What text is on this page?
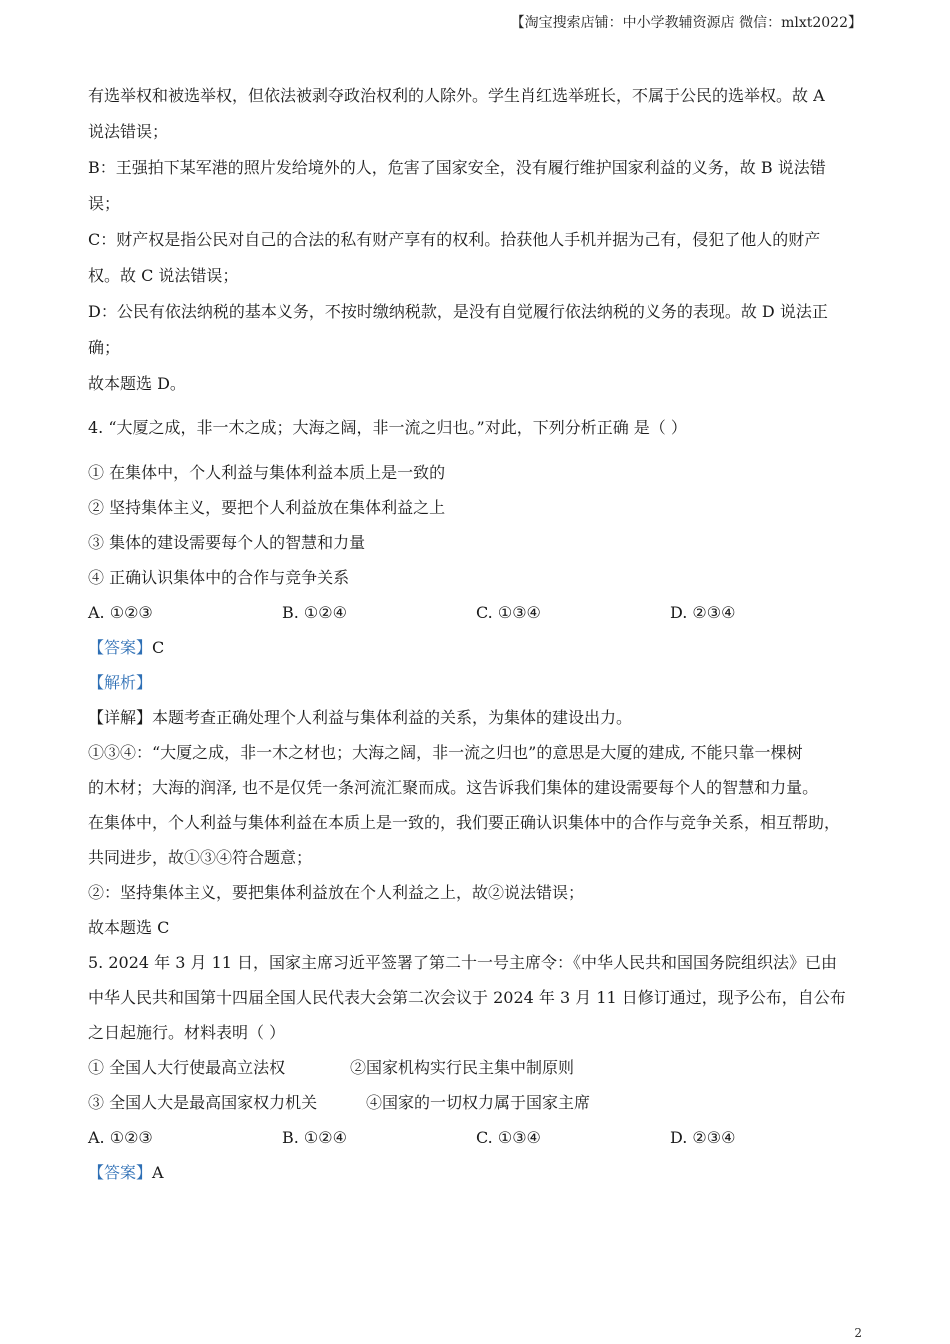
【淘宝搜索店铺：中小学教辅资源店 微信：mlxt2022】
有选举权和被选举权，但依法被剥夺政治权利的人除外。学生肖红选举班长，不属于公民的选举权。故 A
说法错误；
B：王强拍下某军港的照片发给境外的人，危害了国家安全，没有履行维护国家利益的义务，故 B 说法错
误；
C：财产权是指公民对自己的合法的私有财产享有的权利。拾获他人手机并据为己有，侵犯了他人的财产
权。故 C 说法错误；
D：公民有依法纳税的基本义务，不按时缴纳税款，是没有自觉履行依法纳税的义务的表现。故 D 说法正
确；
故本题选 D。
4. “大厦之成，非一木之成；大海之阔，非一流之归也。”对此，下列分析正确 是（ ）
① 在集体中，个人利益与集体利益本质上是一致的
② 坚持集体主义，要把个人利益放在集体利益之上
③ 集体的建设需要每个人的智慧和力量
④ 正确认识集体中的合作与竞争关系
A. ①②③	B. ①②④	C. ①③④	D. ②③④
【答案】C
【解析】
【详解】本题考查正确处理个人利益与集体利益的关系，为集体的建设出力。
①③④：“大厦之成，非一木之材也；大海之阔，非一流之归也”的意思是大厦的建成, 不能只靠一棵树
的木材；大海的润泽, 也不是仅凭一条河流汇聚而成。这告诉我们集体的建设需要每个人的智慧和力量。
在集体中，个人利益与集体利益在本质上是一致的，我们要正确认识集体中的合作与竞争关系，相互帮助，
共同进步，故①③④符合题意；
②：坚持集体主义，要把集体利益放在个人利益之上，故②说法错误；
故本题选 C
5. 2024 年 3 月 11 日，国家主席习近平签署了第二十一号主席令：《中华人民共和国国务院组织法》已由
中华人民共和国第十四届全国人民代表大会第二次会议于 2024 年 3 月 11 日修订通过，现予公布，自公布
之日起施行。材料表明（ ）
① 全国人大行使最高立法权	②国家机构实行民主集中制原则
③ 全国人大是最高国家权力机关	④国家的一切权力属于国家主席
A. ①②③	B. ①②④	C. ①③④	D. ②③④
【答案】A
2
